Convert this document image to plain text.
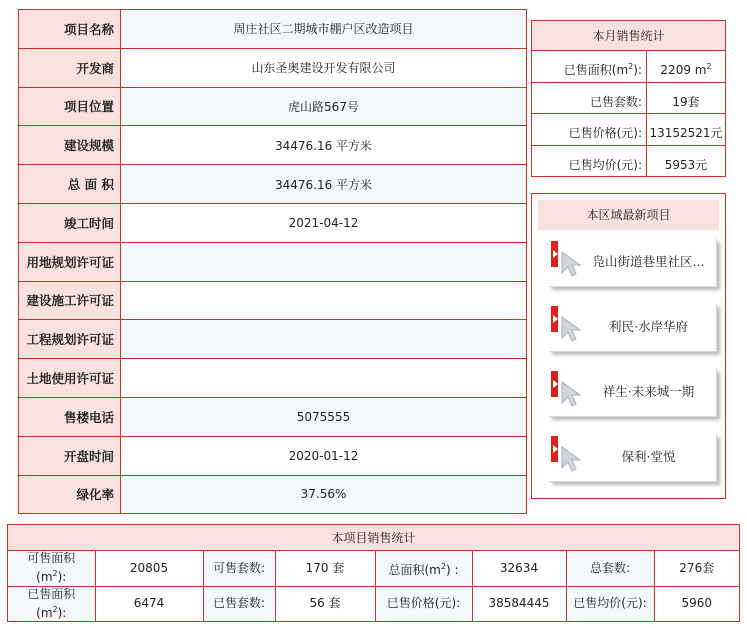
项目名称	周庄社区二期城市棚户区改造项目
开发商	山东圣奥建设开发有限公司
项目位置	虎山路567号
建设规模	34476.16 平方米
总 面 积	34476.16 平方米
竣工时间	2021-04-12
用地规划许可证	
建设施工许可证	
工程规划许可证	
土地使用许可证	
售楼电话	5075555
开盘时间	2020-01-12
绿化率	37.56%
本月销售统计
已售面积$(m^2)$:	2209 $m^2$
已售套数:	19套
已售价格(元): 13152521元
已售均价(元):	5953元
本区域最新项目
凫山街道巷里社区...
利民·水岸华府
祥生·未来城一期
保利·堂悦
本项目销售统计
可售面积
$(m^2)$:	20805	可售套数:	170 套	总面积$(m^2)$ :	32634	总套数:	276套
已售面积
$(m^2)$:	6474	已售套数:	56 套	已售价格(元):	38584445	已售均价(元):	5960
